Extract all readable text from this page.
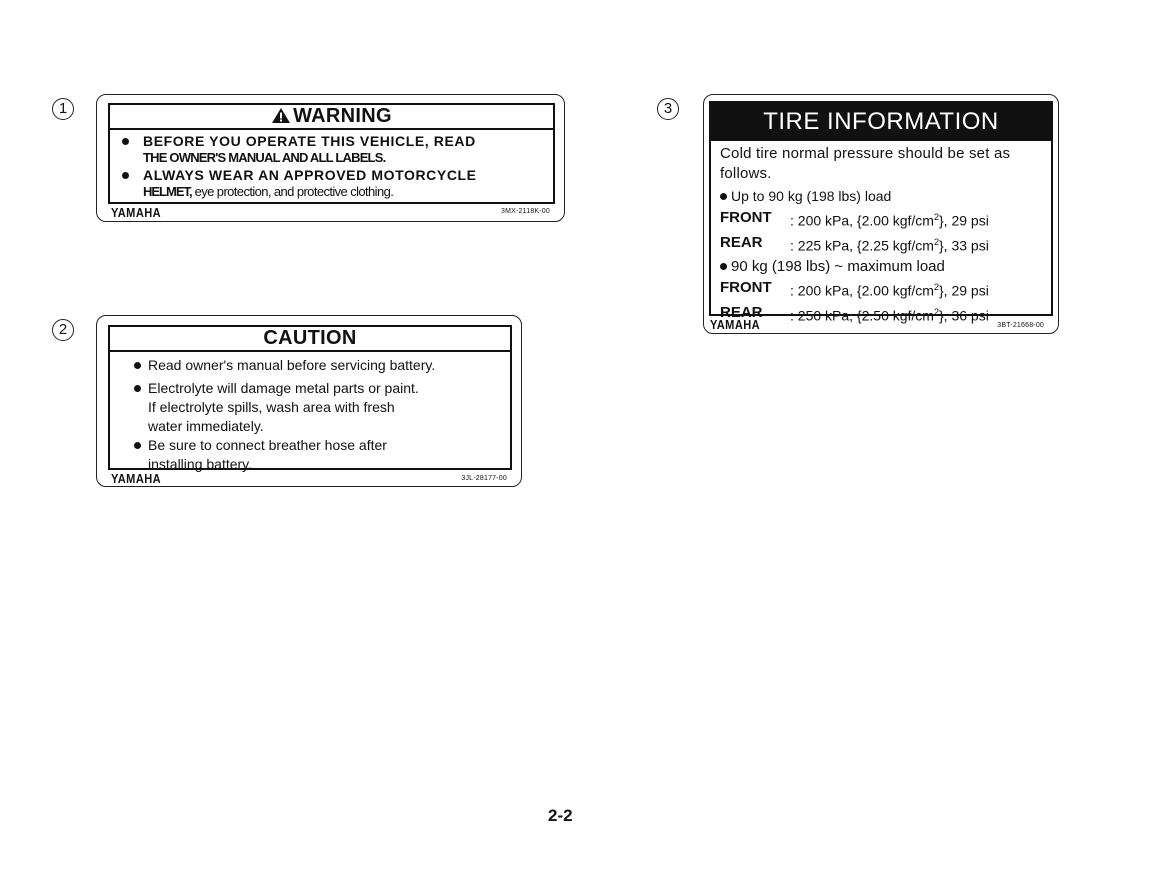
1	WARNING
BEFORE YOU OPERATE THIS VEHICLE, READ
THE OWNER'S MANUAL AND ALL LABELS.
ALWAYS WEAR AN APPROVED MOTORCYCLE
HELMET, eye protection, and protective clothing.
YAMAHA	3MX-2118K-00
2	CAUTION
Read owner's manual before servicing battery.
Electrolyte will damage metal parts or paint.
If electrolyte spills, wash area with fresh
water immediately.
Be sure to connect breather hose after
installing battery.
YAMAHA	3JL-28177-00
3	TIRE INFORMATION
Cold tire normal pressure should be set as
follows.
Up to 90 kg (198 lbs) load
FRONT	: 200 kPa, {2.00 kgf/$cm^2$}, 29 psi
REAR	: 225 kPa, {2.25 kgf/$cm^2$}, 33 psi
90 kg (198 lbs) ~ maximum load
FRONT	: 200 kPa, {2.00 kgf/$cm^2$}, 29 psi
REAR	: 250 kPa, {2.50 kgf/$cm^2$}, 36 psi
YAMAHA	3BT-21668-00
2-2
